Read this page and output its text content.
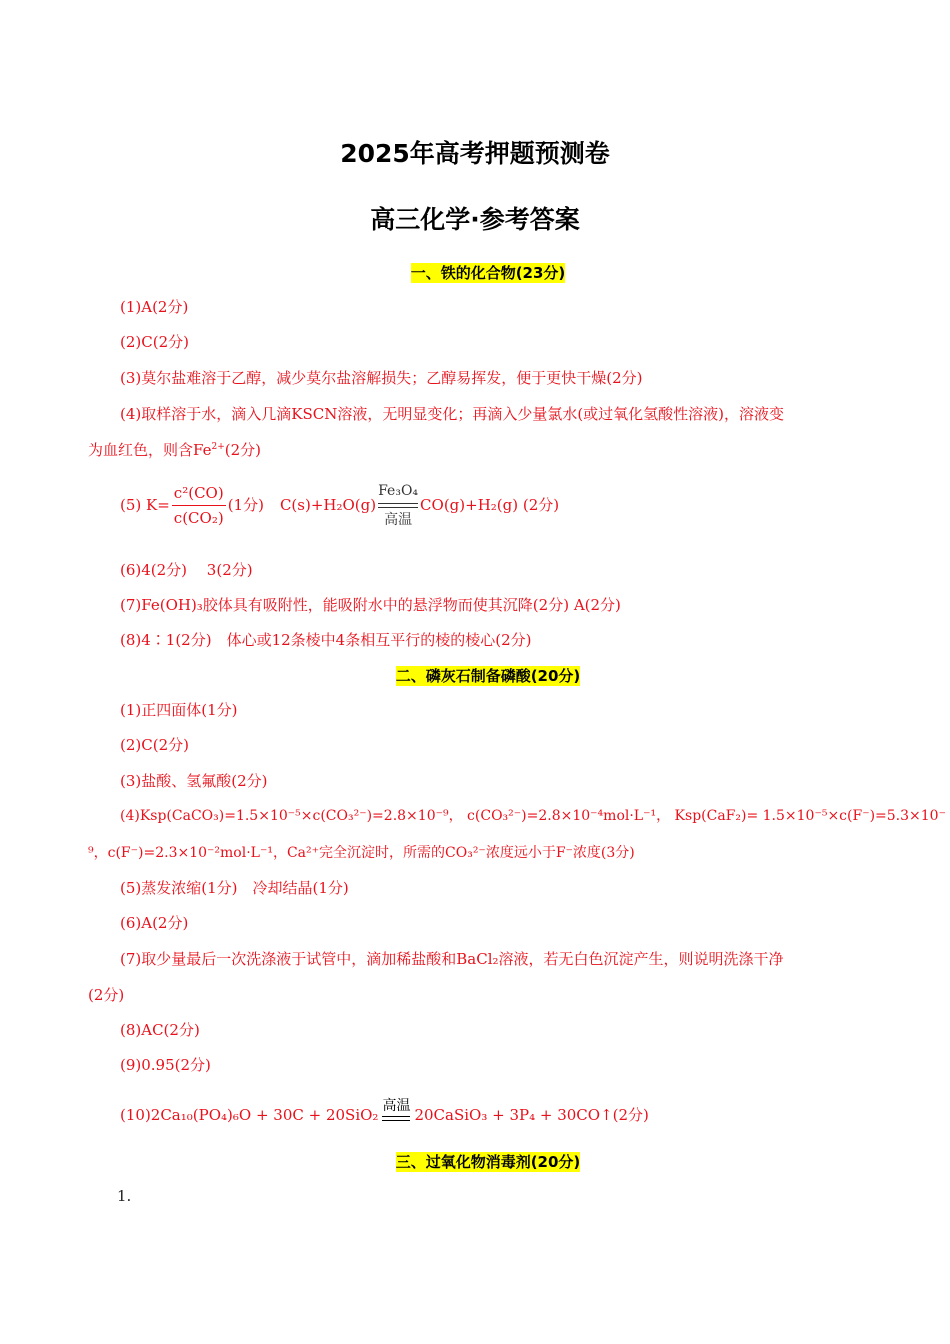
2025年高考押题预测卷
高三化学·参考答案
一、铁的化合物(23分)
(1)A(2分)
(2)C(2分)
(3)莫尔盐难溶于乙醇，减少莫尔盐溶解损失；乙醇易挥发，便于更快干燥(2分)
(4)取样溶于水，滴入几滴KSCN溶液，无明显变化；再滴入少量氯水(或过氧化氢酸性溶液)，溶液变
为血红色，则含$Fe^{2+}(2$分)
(5) $K= \frac{\text{c²(CO)}}{\text{c(CO₂)}} (1$分) C(s)+H₂O(g)
Fe₃O₄
高温
CO(g)+H₂(g) (2分)
(6)4(2分)　 3(2分)
(7)Fe(OH)₃胶体具有吸附性，能吸附水中的悬浮物而使其沉降(2分) A(2分)
(8)4∶1(2分)　体心或12条棱中4条相互平行的棱的棱心(2分)
二、磷灰石制备磷酸(20分)
(1)正四面体(1分)
(2)C(2分)
(3)盐酸、氢氟酸(2分)
(4)Ksp(CaCO₃)=1.5×10⁻⁵×c(CO₃²⁻)=2.8×10⁻⁹， c(CO₃²⁻)=2.8×10⁻⁴mol·L⁻¹， Ksp(CaF₂)= 1.5×10⁻⁵×c(F⁻)=5.3×10⁻
⁹，c(F⁻)=2.3×10⁻²mol·L⁻¹，Ca²⁺完全沉淀时，所需的CO₃²⁻浓度远小于F⁻浓度(3分)
(5)蒸发浓缩(1分)　冷却结晶(1分)
(6)A(2分)
(7)取少量最后一次洗涤液于试管中，滴加稀盐酸和BaCl₂溶液，若无白色沉淀产生，则说明洗涤干净
(2分)
(8)AC(2分)
(9)0.95(2分)
(10)2Ca₁₀(PO₄)₆O + 30C + 20SiO₂ 高温 20CaSiO₃ + 3P₄ + 30CO↑(2分)
三、过氧化物消毒剂(20分)
1.
